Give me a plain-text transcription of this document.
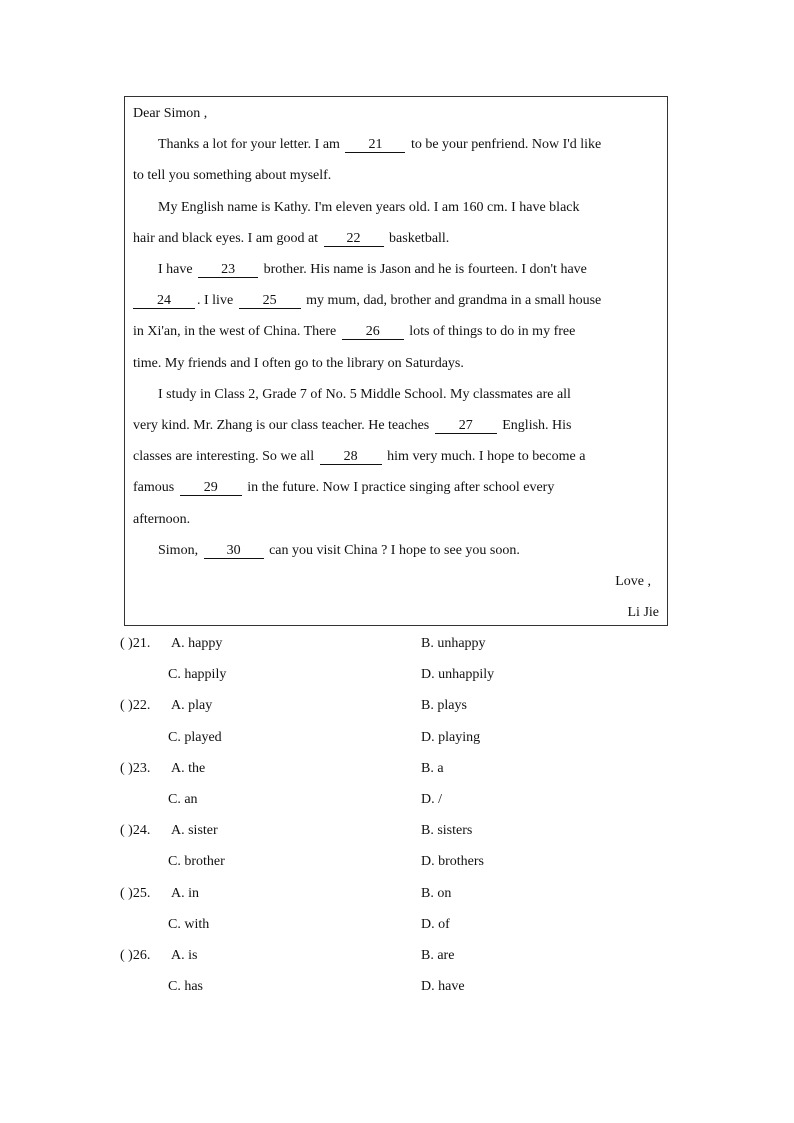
Dear Simon ,
Thanks a lot for your letter. I am 21 to be your penfriend. Now I'd like
to tell you something about myself.
My English name is Kathy. I'm eleven years old. I am 160 cm. I have black
hair and black eyes. I am good at 22 basketball.
I have 23 brother. His name is Jason and he is fourteen. I don't have
24 . I live 25 my mum, dad, brother and grandma in a small house
in Xi'an, in the west of China. There 26 lots of things to do in my free
time. My friends and I often go to the library on Saturdays.
I study in Class 2, Grade 7 of No. 5 Middle School. My classmates are all
very kind. Mr. Zhang is our class teacher. He teaches 27 English. His
classes are interesting. So we all 28 him very much. I hope to become a
famous 29 in the future. Now I practice singing after school every
afternoon.
Simon, 30 can you visit China ? I hope to see you soon.
Love ,
Li Jie
( )21. A. happy	B. unhappy
C. happily	D. unhappily
( )22. A. play	B. plays
C. played	D. playing
( )23. A. the	B. a
C. an	D. /
( )24. A. sister	B. sisters
C. brother	D. brothers
( )25. A. in	B. on
C. with	D. of
( )26. A. is	B. are
C. has	D. have
